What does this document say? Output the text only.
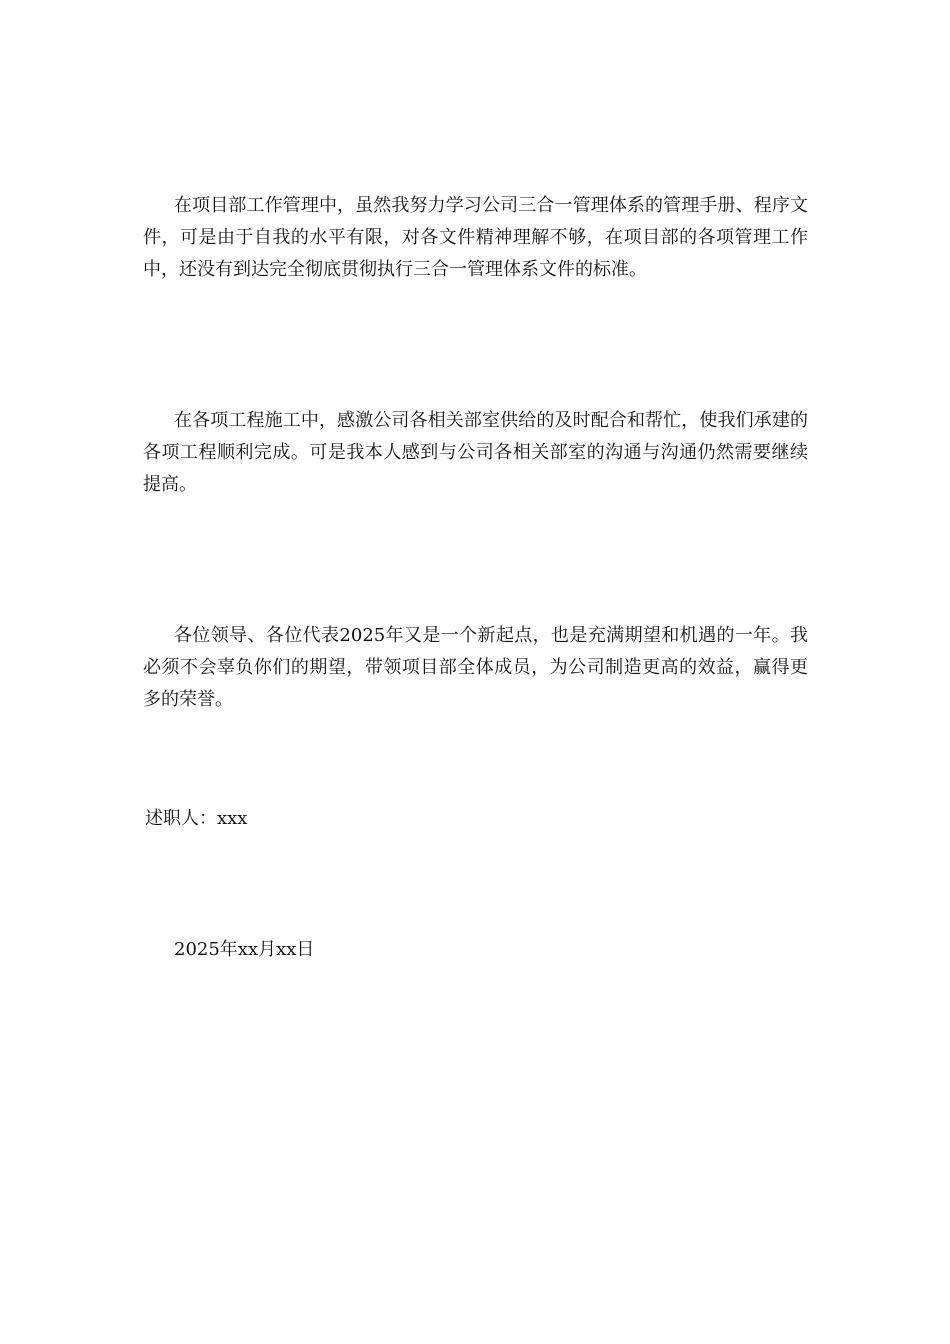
在项目部工作管理中，虽然我努力学习公司三合一管理体系的管理手册、程序文件，可是由于自我的水平有限，对各文件精神理解不够，在项目部的各项管理工作中，还没有到达完全彻底贯彻执行三合一管理体系文件的标准。

在各项工程施工中，感激公司各相关部室供给的及时配合和帮忙，使我们承建的各项工程顺利完成。可是我本人感到与公司各相关部室的沟通与沟通仍然需要继续提高。

各位领导、各位代表2025年又是一个新起点，也是充满期望和机遇的一年。我必须不会辜负你们的期望，带领项目部全体成员，为公司制造更高的效益，赢得更多的荣誉。

述职人：xxx

2025年xx月xx日
